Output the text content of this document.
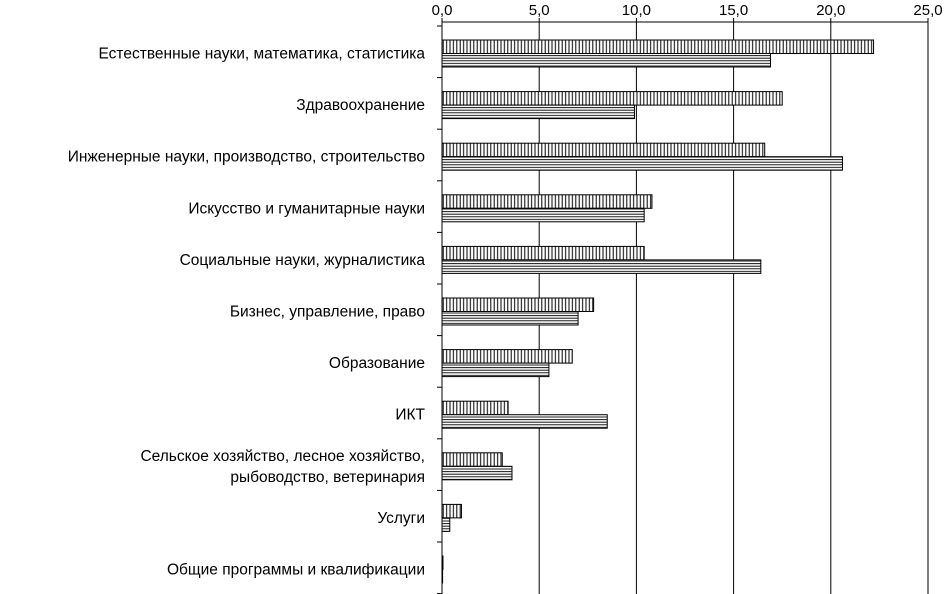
0,0	5,0	10,0	15,0	20,0	25,0
Естественные науки, математика, статистика
Здравоохранение
Инженерные науки, производство, строительство
Искусство и гуманитарные науки
Социальные науки, журналистика
Бизнес, управление, право
Образование
ИКТ
Сельское хозяйство, лесное хозяйство,
рыбоводство, ветеринария
Услуги
Общие программы и квалификации
